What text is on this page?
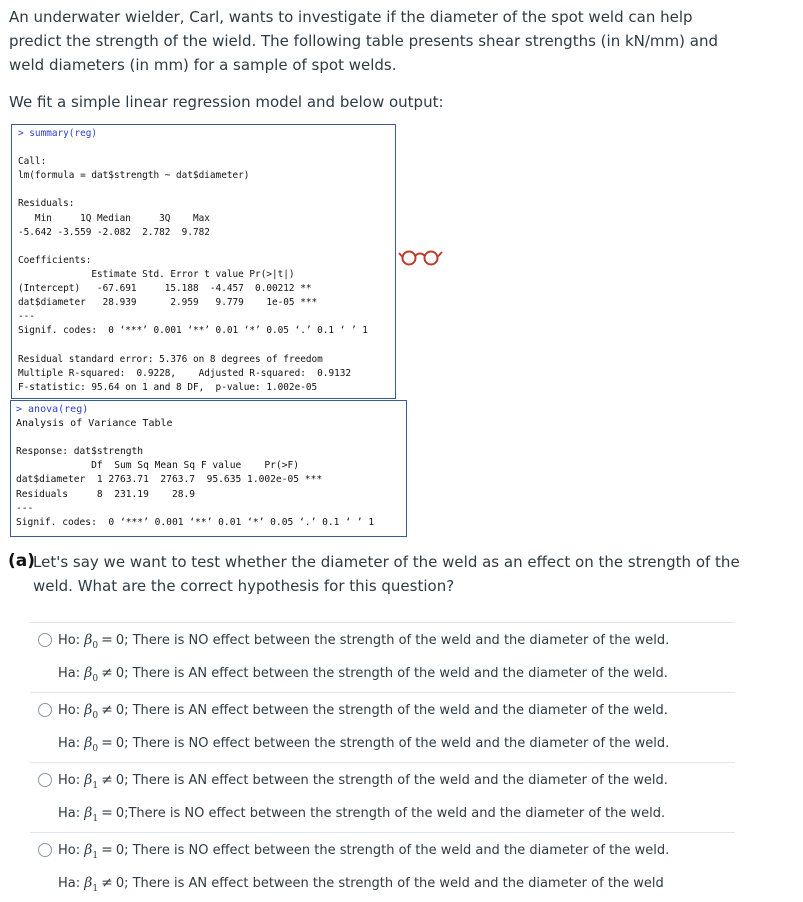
An underwater wielder, Carl, wants to investigate if the diameter of the spot weld can help predict the strength of the wield. The following table presents shear strengths (in kN/mm) and weld diameters (in mm) for a sample of spot welds.
We fit a simple linear regression model and below output:
> summary(reg)

Call:
lm(formula = dat$strength ~ dat$diameter)

Residuals:
Min     1Q Median     3Q    Max
-5.642 -3.559 -2.082  2.782  9.782

Coefficients:
Estimate Std. Error t value Pr(>|t|)
(Intercept)   -67.691     15.188  -4.457  0.00212 **
dat$diameter   28.939      2.959   9.779    1e-05 ***
---
Signif. codes:  0 ‘***’ 0.001 ‘**’ 0.01 ‘*’ 0.05 ‘.’ 0.1 ‘ ’ 1

Residual standard error: 5.376 on 8 degrees of freedom
Multiple R-squared:  0.9228,	Adjusted R-squared:  0.9132
F-statistic: 95.64 on 1 and 8 DF,  p-value: 1.002e-05
> anova(reg)
Analysis of Variance Table

Response: dat$strength
Df  Sum Sq Mean Sq F value    Pr(>F)
dat$diameter  1 2763.71  2763.7  95.635 1.002e-05 ***
Residuals     8  231.19    28.9
---
Signif. codes:  0 ‘***’ 0.001 ‘**’ 0.01 ‘*’ 0.05 ‘.’ 0.1 ‘ ’ 1
(a)
Let's say we want to test whether the diameter of the weld as an effect on the strength of the weld. What are the correct hypothesis for this question?
Ho: $\beta_0 = 0$; There is NO effect between the strength of the weld and the diameter of the weld.
Ha: $\beta_0 \ne 0$; There is AN effect between the strength of the weld and the diameter of the weld.
Ho: $\beta_0 \ne 0$; There is AN effect between the strength of the weld and the diameter of the weld.
Ha: $\beta_0 = 0$; There is NO effect between the strength of the weld and the diameter of the weld.
Ho: $\beta_1 \ne 0$; There is AN effect between the strength of the weld and the diameter of the weld.
Ha: $\beta_1$ = 0;There is NO effect between the strength of the weld and the diameter of the weld.
Ho: $\beta_1 = 0$; There is NO effect between the strength of the weld and the diameter of the weld.
Ha: $\beta_1 \ne 0$; There is AN effect between the strength of the weld and the diameter of the weld
